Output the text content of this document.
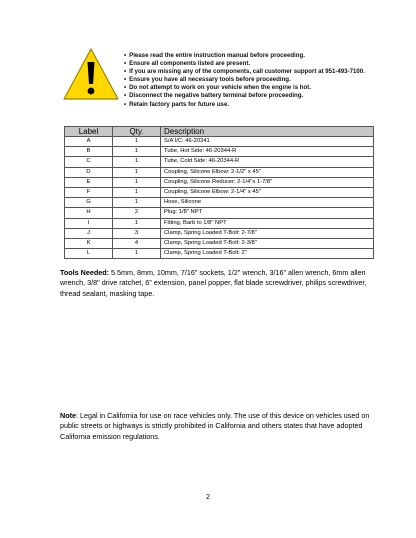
• Please read the entire instruction manual before proceeding.
• Ensure all components listed are present.
• If you are missing any of the components, call customer support at 951-493-7100.
• Ensure you have all necessary tools before proceeding.
• Do not attempt to work on your vehicle when the engine is hot.
• Disconnect the negative battery terminal before proceeding.
• Retain factory parts for future use.
Label	Qty.	Description
A	1	S/A I/C: 46-20341
B	1	Tube, Hot Side: 46-20344-R
C	1	Tube, Cold Side: 46-20344-R
D	1	Coupling, Silicone Elbow: 2-1/2" x 45"
E	1	Coupling, Silicone Reducer: 2-1/4"x 1-7/8"
F	1	Coupling, Silicone Elbow: 2-1/4" x 45"
G	1	Hose, Silicone
H	2	Plug: 1/8" NPT
I	1	Fitting, Barb to 1/8" NPT
J	3	Clamp, Spring Loaded T-Bolt: 2-7/8"
K	4	Clamp, Spring Loaded T-Bolt: 2-3/8"
L	1	Clamp, Spring Loaded T-Bolt: 2"

Tools Needed: 5.5mm, 8mm, 10mm, 7/16" sockets, 1/2" wrench, 3/16" allen wrench, 6mm allen wrench, 3/8" drive ratchet, 6" extension, panel popper, flat blade screwdriver, philips screwdriver, thread sealant, masking tape.

Note: Legal in California for use on race vehicles only. The use of this device on vehicles used on public streets or highways is strictly prohibited in California and others states that have adopted California emission regulations.

2
